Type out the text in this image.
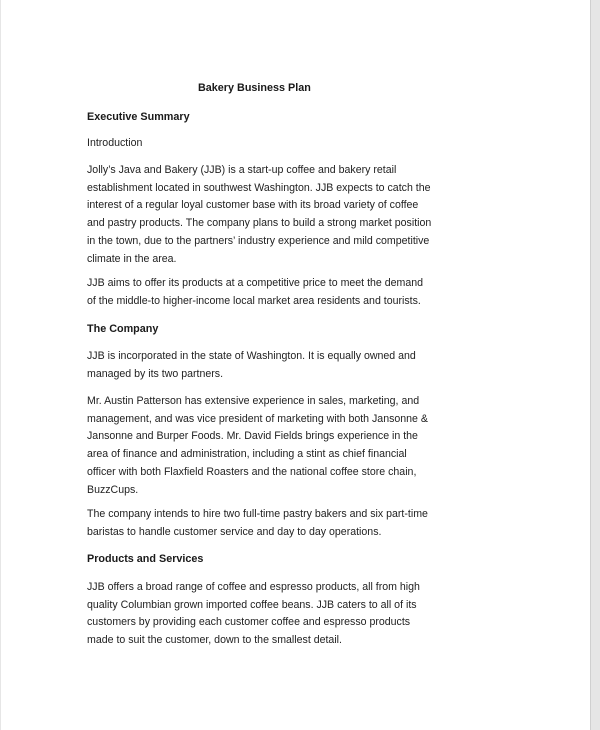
Bakery Business Plan
Executive Summary
Introduction

Jolly’s Java and Bakery (JJB) is a start-up coffee and bakery retail
establishment located in southwest Washington. JJB expects to catch the
interest of a regular loyal customer base with its broad variety of coffee
and pastry products. The company plans to build a strong market position
in the town, due to the partners’ industry experience and mild competitive
climate in the area.

JJB aims to offer its products at a competitive price to meet the demand
of the middle-to higher-income local market area residents and tourists.

The Company

JJB is incorporated in the state of Washington. It is equally owned and
managed by its two partners.

Mr. Austin Patterson has extensive experience in sales, marketing, and
management, and was vice president of marketing with both Jansonne &
Jansonne and Burper Foods. Mr. David Fields brings experience in the
area of finance and administration, including a stint as chief financial
officer with both Flaxfield Roasters and the national coffee store chain,
BuzzCups.

The company intends to hire two full-time pastry bakers and six part-time
baristas to handle customer service and day to day operations.

Products and Services

JJB offers a broad range of coffee and espresso products, all from high
quality Columbian grown imported coffee beans. JJB caters to all of its
customers by providing each customer coffee and espresso products
made to suit the customer, down to the smallest detail.
